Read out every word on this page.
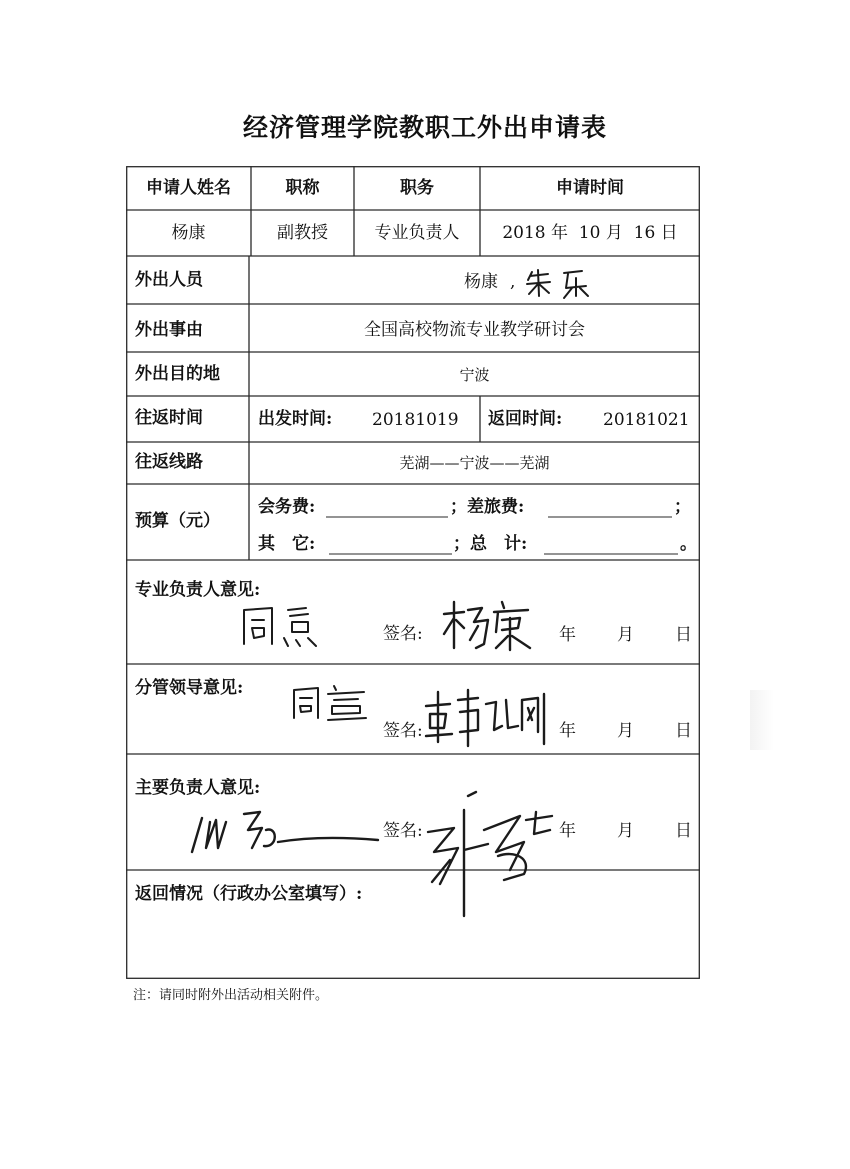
经济管理学院教职工外出申请表
申请人姓名	职称	职务	申请时间
杨康	副教授	专业负责人	2018 年  10 月  16 日
外出人员	杨康 ,
外出事由	全国高校物流专业教学研讨会
外出目的地	宁波
往返时间	出发时间: 20181019 返回时间: 20181021
往返线路	芜湖——宁波——芜湖
预算（元）
会务费:	；差旅费:	；
其　它:	；总　计:	。
专业负责人意见:
签名:	年 月 日
分管领导意见:
签名:	年 月 日
主要负责人意见:
签名:	年 月 日
返回情况（行政办公室填写）:
注：请同时附外出活动相关附件。
